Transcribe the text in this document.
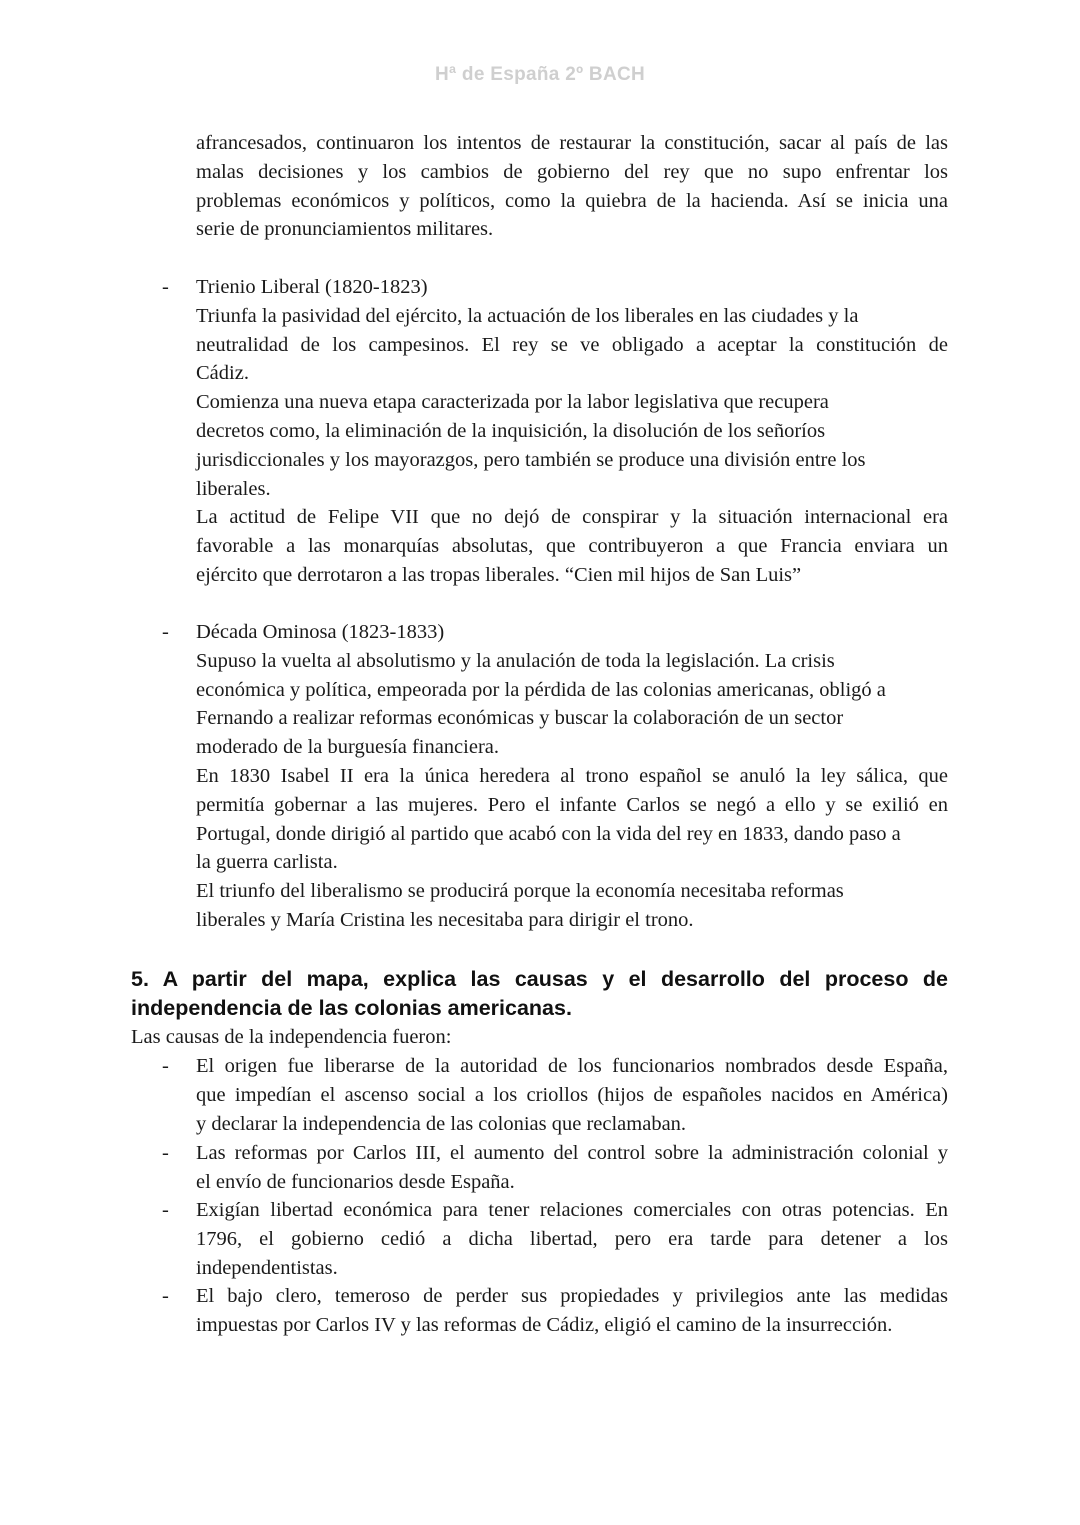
Hª de España 2º BACH
afrancesados, continuaron los intentos de restaurar la constitución, sacar al país de las
malas decisiones y los cambios de gobierno del rey que no supo enfrentar los
problemas económicos y políticos, como la quiebra de la hacienda. Así se inicia una
serie de pronunciamientos militares.
- Trienio Liberal (1820-1823)
Triunfa la pasividad del ejército, la actuación de los liberales en las ciudades y la
neutralidad de los campesinos. El rey se ve obligado a aceptar la constitución de
Cádiz.
Comienza una nueva etapa caracterizada por la labor legislativa que recupera
decretos como, la eliminación de la inquisición, la disolución de los señoríos
jurisdiccionales y los mayorazgos, pero también se produce una división entre los
liberales.
La actitud de Felipe VII que no dejó de conspirar y la situación internacional era
favorable a las monarquías absolutas, que contribuyeron a que Francia enviara un
ejército que derrotaron a las tropas liberales. “Cien mil hijos de San Luis”
- Década Ominosa (1823-1833)
Supuso la vuelta al absolutismo y la anulación de toda la legislación. La crisis
económica y política, empeorada por la pérdida de las colonias americanas, obligó a
Fernando a realizar reformas económicas y buscar la colaboración de un sector
moderado de la burguesía financiera.
En 1830 Isabel II era la única heredera al trono español se anuló la ley sálica, que
permitía gobernar a las mujeres. Pero el infante Carlos se negó a ello y se exilió en
Portugal, donde dirigió al partido que acabó con la vida del rey en 1833, dando paso a
la guerra carlista.
El triunfo del liberalismo se producirá porque la economía necesitaba reformas
liberales y María Cristina les necesitaba para dirigir el trono.
5. A partir del mapa, explica las causas y el desarrollo del proceso de
independencia de las colonias americanas.
Las causas de la independencia fueron:
- El origen fue liberarse de la autoridad de los funcionarios nombrados desde España,
que impedían el ascenso social a los criollos (hijos de españoles nacidos en América)
y declarar la independencia de las colonias que reclamaban.
- Las reformas por Carlos III, el aumento del control sobre la administración colonial y
el envío de funcionarios desde España.
- Exigían libertad económica para tener relaciones comerciales con otras potencias. En
1796, el gobierno cedió a dicha libertad, pero era tarde para detener a los
independentistas.
- El bajo clero, temeroso de perder sus propiedades y privilegios ante las medidas
impuestas por Carlos IV y las reformas de Cádiz, eligió el camino de la insurrección.
